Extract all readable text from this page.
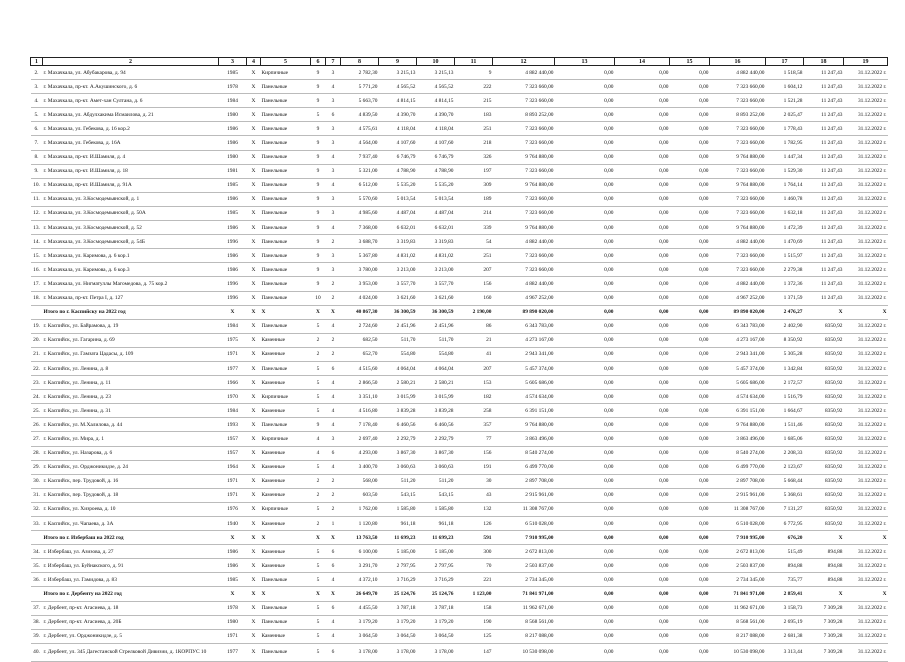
1	2	3	4	5	6	7	8	9	10	11	12	13	14	15	16	17	18	19
2.	г. Махачкала, ул. Абубакарова, д. 94	1985	X	Кирпичные	9	3	2 782,30	3 215,13	3 215,13	9	4 882 440,00	0,00	0,00	0,00	4 882 440,00	1 518,58	11 247,43	31.12.2022 г.
3.	г. Махачкала, пр-кт. А.Акушинского, д. 6	1978	X	Панельные	9	4	5 771,20	4 565,52	4 565,52	222	7 323 660,00	0,00	0,00	0,00	7 323 660,00	1 604,12	11 247,43	31.12.2022 г.
4.	г. Махачкала, пр-кт. Амет-хан Султана, д. 6	1984	X	Панельные	9	3	5 663,70	4 814,15	4 814,15	215	7 323 660,00	0,00	0,00	0,00	7 323 660,00	1 521,28	11 247,43	31.12.2022 г.
5.	г. Махачкала, ул. Абдулхакима Исмаилова, д. 21	1980	X	Панельные	5	6	4 839,50	4 390,70	4 390,70	183	8 893 252,00	0,00	0,00	0,00	8 893 252,00	2 025,47	11 247,43	31.12.2022 г.
6.	г. Махачкала, ул. Гебекова, д. 16 кор.2	1986	X	Панельные	9	3	4 575,61	4 118,04	4 118,04	251	7 323 660,00	0,00	0,00	0,00	7 323 660,00	1 778,43	11 247,43	31.12.2022 г.
7.	г. Махачкала, ул. Гебекова, д. 16А	1986	X	Панельные	9	3	4 564,00	4 107,60	4 107,60	218	7 323 660,00	0,00	0,00	0,00	7 323 660,00	1 782,95	11 247,43	31.12.2022 г.
8.	г. Махачкала, пр-кт. И.Шамиля, д. 4	1980	X	Панельные	9	4	7 937,40	6 746,79	6 746,79	326	9 764 880,00	0,00	0,00	0,00	9 764 880,00	1 447,34	11 247,43	31.12.2022 г.
9.	г. Махачкала, пр-кт. И.Шамиля, д. 18	1981	X	Панельные	9	3	5 321,00	4 788,90	4 788,90	197	7 323 660,00	0,00	0,00	0,00	7 323 660,00	1 529,30	11 247,43	31.12.2022 г.
10.	г. Махачкала, пр-кт. И.Шамиля, д. 91А	1985	X	Панельные	9	4	6 512,00	5 535,20	5 535,20	309	9 764 880,00	0,00	0,00	0,00	9 764 880,00	1 764,14	11 247,43	31.12.2022 г.
11.	г. Махачкала, ул. З.Космодемьянской, д. 1	1986	X	Панельные	9	3	5 570,60	5 013,54	5 013,54	189	7 323 660,00	0,00	0,00	0,00	7 323 660,00	1 460,78	11 247,43	31.12.2022 г.
12.	г. Махачкала, ул. З.Космодемьянской, д. 50А	1985	X	Панельные	9	3	4 985,60	4 487,04	4 487,04	214	7 323 660,00	0,00	0,00	0,00	7 323 660,00	1 632,18	11 247,43	31.12.2022 г.
13.	г. Махачкала, ул. З.Космодемьянской, д. 52	1986	X	Панельные	9	4	7 368,00	6 632,01	6 632,01	339	9 764 880,00	0,00	0,00	0,00	9 764 880,00	1 472,39	11 247,43	31.12.2022 г.
14.	г. Махачкала, ул. З.Космодемьянской, д. 54Б	1996	X	Панельные	9	2	3 688,70	3 319,83	3 319,83	54	4 882 440,00	0,00	0,00	0,00	4 882 440,00	1 470,69	11 247,43	31.12.2022 г.
15.	г. Махачкала, ул. Каримова, д. 6 кор.1	1986	X	Панельные	9	3	5 367,80	4 831,02	4 831,02	251	7 323 660,00	0,00	0,00	0,00	7 323 660,00	1 515,97	11 247,43	31.12.2022 г.
16.	г. Махачкала, ул. Каримова, д. 6 кор.3	1986	X	Панельные	9	3	3 780,00	3 213,00	3 213,00	207	7 323 660,00	0,00	0,00	0,00	7 323 660,00	2 279,38	11 247,43	31.12.2022 г.
17.	г. Махачкала, ул. Нигматуллы Магомедова, д. 75 кор.2	1996	X	Панельные	9	2	3 953,00	3 557,70	3 557,70	156	4 882 440,00	0,00	0,00	0,00	4 882 440,00	1 372,36	11 247,43	31.12.2022 г.
18.	г. Махачкала, пр-кт. Петра I, д. 127	1996	X	Панельные	10	2	4 024,00	3 621,60	3 621,60	160	4 967 252,00	0,00	0,00	0,00	4 967 252,00	1 371,59	11 247,43	31.12.2022 г.
	Итого по г. Каспийску на 2022 год	X	X	X	X	X	40 867,30	36 300,59	36 300,59	2 190,00	89 890 020,00	0,00	0,00	0,00	89 890 020,00	2 476,27	X	X
19.	г. Каспийск, ул. Байрамова, д. 19	1984	X	Панельные	5	4	2 724,60	2 451,96	2 451,96	86	6 343 783,00	0,00	0,00	0,00	6 343 783,00	2 402,90	8350,92	31.12.2022 г.
20.	г. Каспийск, ул. Гагарина, д. 69	1975	X	Каменные	2	2	682,50	511,70	511,70	21	4 273 167,00	0,00	0,00	0,00	4 273 167,00	8 350,92	8350,92	31.12.2022 г.
21.	г. Каспийск, ул. Гамзата Цадасы, д. 109	1971	X	Каменные	2	2	652,70	554,80	554,80	41	2 943 341,00	0,00	0,00	0,00	2 943 341,00	5 305,28	8350,92	31.12.2022 г.
22.	г. Каспийск, ул. Ленина, д. 8	1977	X	Панельные	5	6	4 515,60	4 064,04	4 064,04	207	5 457 374,00	0,00	0,00	0,00	5 457 374,00	1 342,84	8350,92	31.12.2022 г.
23.	г. Каспийск, ул. Ленина, д. 11	1966	X	Каменные	5	4	2 866,50	2 580,21	2 580,21	153	5 605 686,00	0,00	0,00	0,00	5 605 686,00	2 172,57	8350,92	31.12.2022 г.
24.	г. Каспийск, ул. Ленина, д. 23	1970	X	Кирпичные	5	4	3 351,10	3 015,99	3 015,99	182	4 574 634,00	0,00	0,00	0,00	4 574 634,00	1 516,79	8350,92	31.12.2022 г.
25.	г. Каспийск, ул. Ленина, д. 31	1984	X	Каменные	5	4	4 516,80	3 839,28	3 839,28	258	6 391 151,00	0,00	0,00	0,00	6 391 151,00	1 664,67	8350,92	31.12.2022 г.
26.	г. Каспийск, ул. М.Халилова, д. 44	1993	X	Панельные	9	4	7 178,40	6 460,56	6 460,56	357	9 764 880,00	0,00	0,00	0,00	9 764 880,00	1 511,46	8350,92	31.12.2022 г.
27.	г. Каспийск, ул. Мира, д. 1	1957	X	Кирпичные	4	3	2 697,40	2 292,79	2 292,79	77	3 863 496,00	0,00	0,00	0,00	3 863 496,00	1 685,06	8350,92	31.12.2022 г.
28.	г. Каспийск, ул. Назарова, д. 6	1957	X	Каменные	4	6	4 293,00	3 867,30	3 867,30	156	8 540 274,00	0,00	0,00	0,00	8 540 274,00	2 208,33	8350,92	31.12.2022 г.
29.	г. Каспийск, ул. Орджоникидзе, д. 24	1964	X	Каменные	5	4	3 400,70	3 060,63	3 060,63	191	6 499 770,00	0,00	0,00	0,00	6 499 770,00	2 123,67	8350,92	31.12.2022 г.
30.	г. Каспийск, пер. Трудовой, д. 16	1971	X	Каменные	2	2	568,00	511,20	511,20	30	2 897 708,00	0,00	0,00	0,00	2 897 708,00	5 668,44	8350,92	31.12.2022 г.
31.	г. Каспийск, пер. Трудовой, д. 18	1971	X	Каменные	2	2	603,50	543,15	543,15	43	2 915 961,00	0,00	0,00	0,00	2 915 961,00	5 368,61	8350,92	31.12.2022 г.
32.	г. Каспийск, ул. Хизроева, д. 10	1976	X	Кирпичные	5	2	1 762,00	1 585,80	1 585,80	132	11 308 767,00	0,00	0,00	0,00	11 308 767,00	7 131,27	8350,92	31.12.2022 г.
33.	г. Каспийск, ул. Чапаева, д. 3А	1940	X	Каменные	2	1	1 120,80	961,18	961,18	126	6 510 028,00	0,00	0,00	0,00	6 510 028,00	6 772,95	8350,92	31.12.2022 г.
	Итого по г. Избербаш на 2022 год	X	X	X	X	X	13 763,50	11 699,23	11 699,23	591	7 910 995,00	0,00	0,00	0,00	7 910 995,00	676,20	X	X
34.	г. Избербаш, ул. Азизова, д. 27	1986	X	Каменные	5	6	6 100,00	5 185,00	5 185,00	300	2 672 813,00	0,00	0,00	0,00	2 672 813,00	515,49	894,88	31.12.2022 г.
35.	г. Избербаш, ул. Буйнакского, д. 91	1986	X	Каменные	5	6	3 291,70	2 797,95	2 797,95	70	2 503 837,00	0,00	0,00	0,00	2 503 837,00	894,88	894,88	31.12.2022 г.
36.	г. Избербаш, ул. Гамидова, д. 83	1985	X	Панельные	5	4	4 372,10	3 716,29	3 716,29	221	2 734 345,00	0,00	0,00	0,00	2 734 345,00	735,77	894,88	31.12.2022 г.
	Итого по г. Дербенту на 2022 год	X	X	X	X	X	26 649,70	25 124,76	25 124,76	1 123,00	71 841 971,00	0,00	0,00	0,00	71 841 971,00	2 859,41	X	X
37.	г. Дербент, пр-кт. Агасиева, д. 18	1978	X	Панельные	5	6	4 455,50	3 787,18	3 787,18	158	11 962 671,00	0,00	0,00	0,00	11 962 671,00	3 158,73	7 309,28	31.12.2022 г.
38.	г. Дербент, пр-кт. Агасиева, д. 20Б	1980	X	Панельные	5	4	3 179,20	3 179,20	3 179,20	190	8 568 561,00	0,00	0,00	0,00	8 568 561,00	2 695,19	7 309,28	31.12.2022 г.
39.	г. Дербент, ул. Орджоникидзе, д. 5	1971	X	Каменные	5	4	3 064,50	3 064,50	3 064,50	125	8 217 088,00	0,00	0,00	0,00	8 217 088,00	2 681,38	7 309,28	31.12.2022 г.
40.	г. Дербент, ул. 345 Дагестанской Стрелковой Дивизии, д. 1КОРПУС 10	1977	X	Панельные	5	6	3 178,00	3 178,00	3 178,00	147	10 530 098,00	0,00	0,00	0,00	10 530 098,00	3 313,44	7 309,28	31.12.2022 г.
